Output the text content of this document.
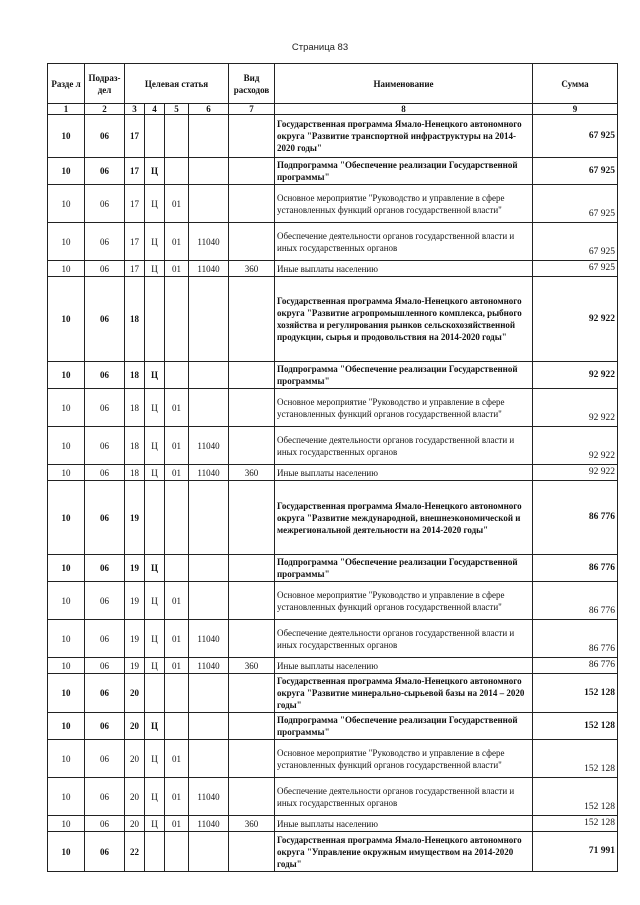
Страница 83
Разде л	Подраз- дел	Целевая статья				Вид расходов	Наименование	Сумма
1	2	3	4	5	6	7	8	9
10	06	17					Государственная программа Ямало-Ненецкого автономного округа "Развитие транспортной инфраструктуры на 2014-2020 годы"	67 925
10	06	17	Ц				Подпрограмма "Обеспечение реализации Государственной программы"	67 925
10	06	17	Ц	01			Основное мероприятие "Руководство и управление в сфере установленных функций органов государственной власти"	67 925
10	06	17	Ц	01	11040		Обеспечение деятельности органов государственной власти и иных государственных органов	67 925
10	06	17	Ц	01	11040	360	Иные выплаты населению	67 925
10	06	18					Государственная программа Ямало-Ненецкого автономного округа "Развитие агропромышленного комплекса, рыбного хозяйства и регулирования рынков сельскохозяйственной продукции, сырья и продовольствия на 2014-2020 годы"	92 922
10	06	18	Ц				Подпрограмма "Обеспечение реализации Государственной программы"	92 922
10	06	18	Ц	01			Основное мероприятие "Руководство и управление в сфере установленных функций органов государственной власти"	92 922
10	06	18	Ц	01	11040		Обеспечение деятельности органов государственной власти и иных государственных органов	92 922
10	06	18	Ц	01	11040	360	Иные выплаты населению	92 922
10	06	19					Государственная программа Ямало-Ненецкого автономного округа "Развитие международной, внешнеэкономической и межрегиональной деятельности на 2014-2020 годы"	86 776
10	06	19	Ц				Подпрограмма "Обеспечение реализации Государственной программы"	86 776
10	06	19	Ц	01			Основное мероприятие "Руководство и управление в сфере установленных функций органов государственной власти"	86 776
10	06	19	Ц	01	11040		Обеспечение деятельности органов государственной власти и иных государственных органов	86 776
10	06	19	Ц	01	11040	360	Иные выплаты населению	86 776
10	06	20					Государственная программа Ямало-Ненецкого автономного округа "Развитие минерально-сырьевой базы на 2014 – 2020 годы"	152 128
10	06	20	Ц				Подпрограмма "Обеспечение реализации Государственной программы"	152 128
10	06	20	Ц	01			Основное мероприятие "Руководство и управление в сфере установленных функций органов государственной власти"	152 128
10	06	20	Ц	01	11040		Обеспечение деятельности органов государственной власти и иных государственных органов	152 128
10	06	20	Ц	01	11040	360	Иные выплаты населению	152 128
10	06	22					Государственная программа Ямало-Ненецкого автономного округа "Управление окружным имуществом на 2014-2020 годы"	71 991
